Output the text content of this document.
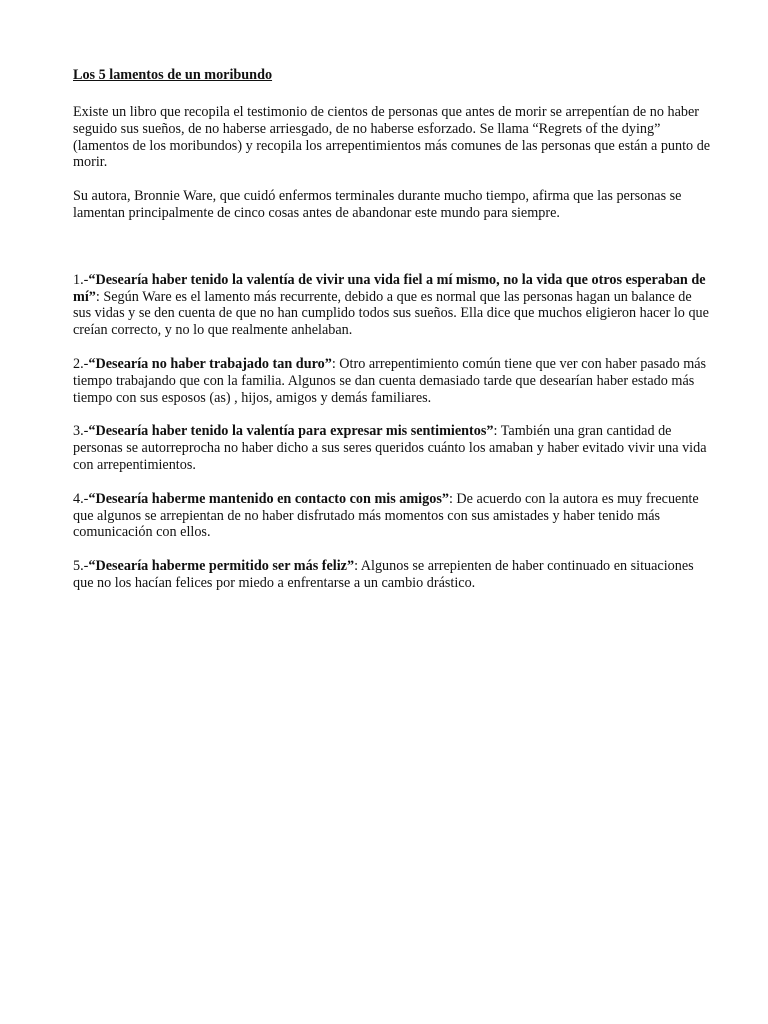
Los 5 lamentos de un moribundo

Existe un libro que recopila el testimonio de cientos de personas que antes de morir se arrepentían de no haber seguido sus sueños, de no haberse arriesgado, de no haberse esforzado. Se llama “Regrets of the dying” (lamentos de los moribundos) y recopila los arrepentimientos más comunes de las personas que están a punto de morir.

Su autora, Bronnie Ware, que cuidó enfermos terminales durante mucho tiempo, afirma que las personas se lamentan principalmente de cinco cosas antes de abandonar este mundo para siempre.

1.-“Desearía haber tenido la valentía de vivir una vida fiel a mí mismo, no la vida que otros esperaban de mí”: Según Ware es el lamento más recurrente, debido a que es normal que las personas hagan un balance de sus vidas y se den cuenta de que no han cumplido todos sus sueños. Ella dice que muchos eligieron hacer lo que creían correcto, y no lo que realmente anhelaban.

2.-“Desearía no haber trabajado tan duro”: Otro arrepentimiento común tiene que ver con haber pasado más tiempo trabajando que con la familia. Algunos se dan cuenta demasiado tarde que desearían haber estado más tiempo con sus esposos (as) , hijos, amigos y demás familiares.

3.-“Desearía haber tenido la valentía para expresar mis sentimientos”: También una gran cantidad de personas se autorreprocha no haber dicho a sus seres queridos cuánto los amaban y haber evitado vivir una vida con arrepentimientos.

4.-“Desearía haberme mantenido en contacto con mis amigos”: De acuerdo con la autora es muy frecuente que algunos se arrepientan de no haber disfrutado más momentos con sus amistades y haber tenido más comunicación con ellos.

5.-“Desearía haberme permitido ser más feliz”: Algunos se arrepienten de haber continuado en situaciones que no los hacían felices por miedo a enfrentarse a un cambio drástico.
